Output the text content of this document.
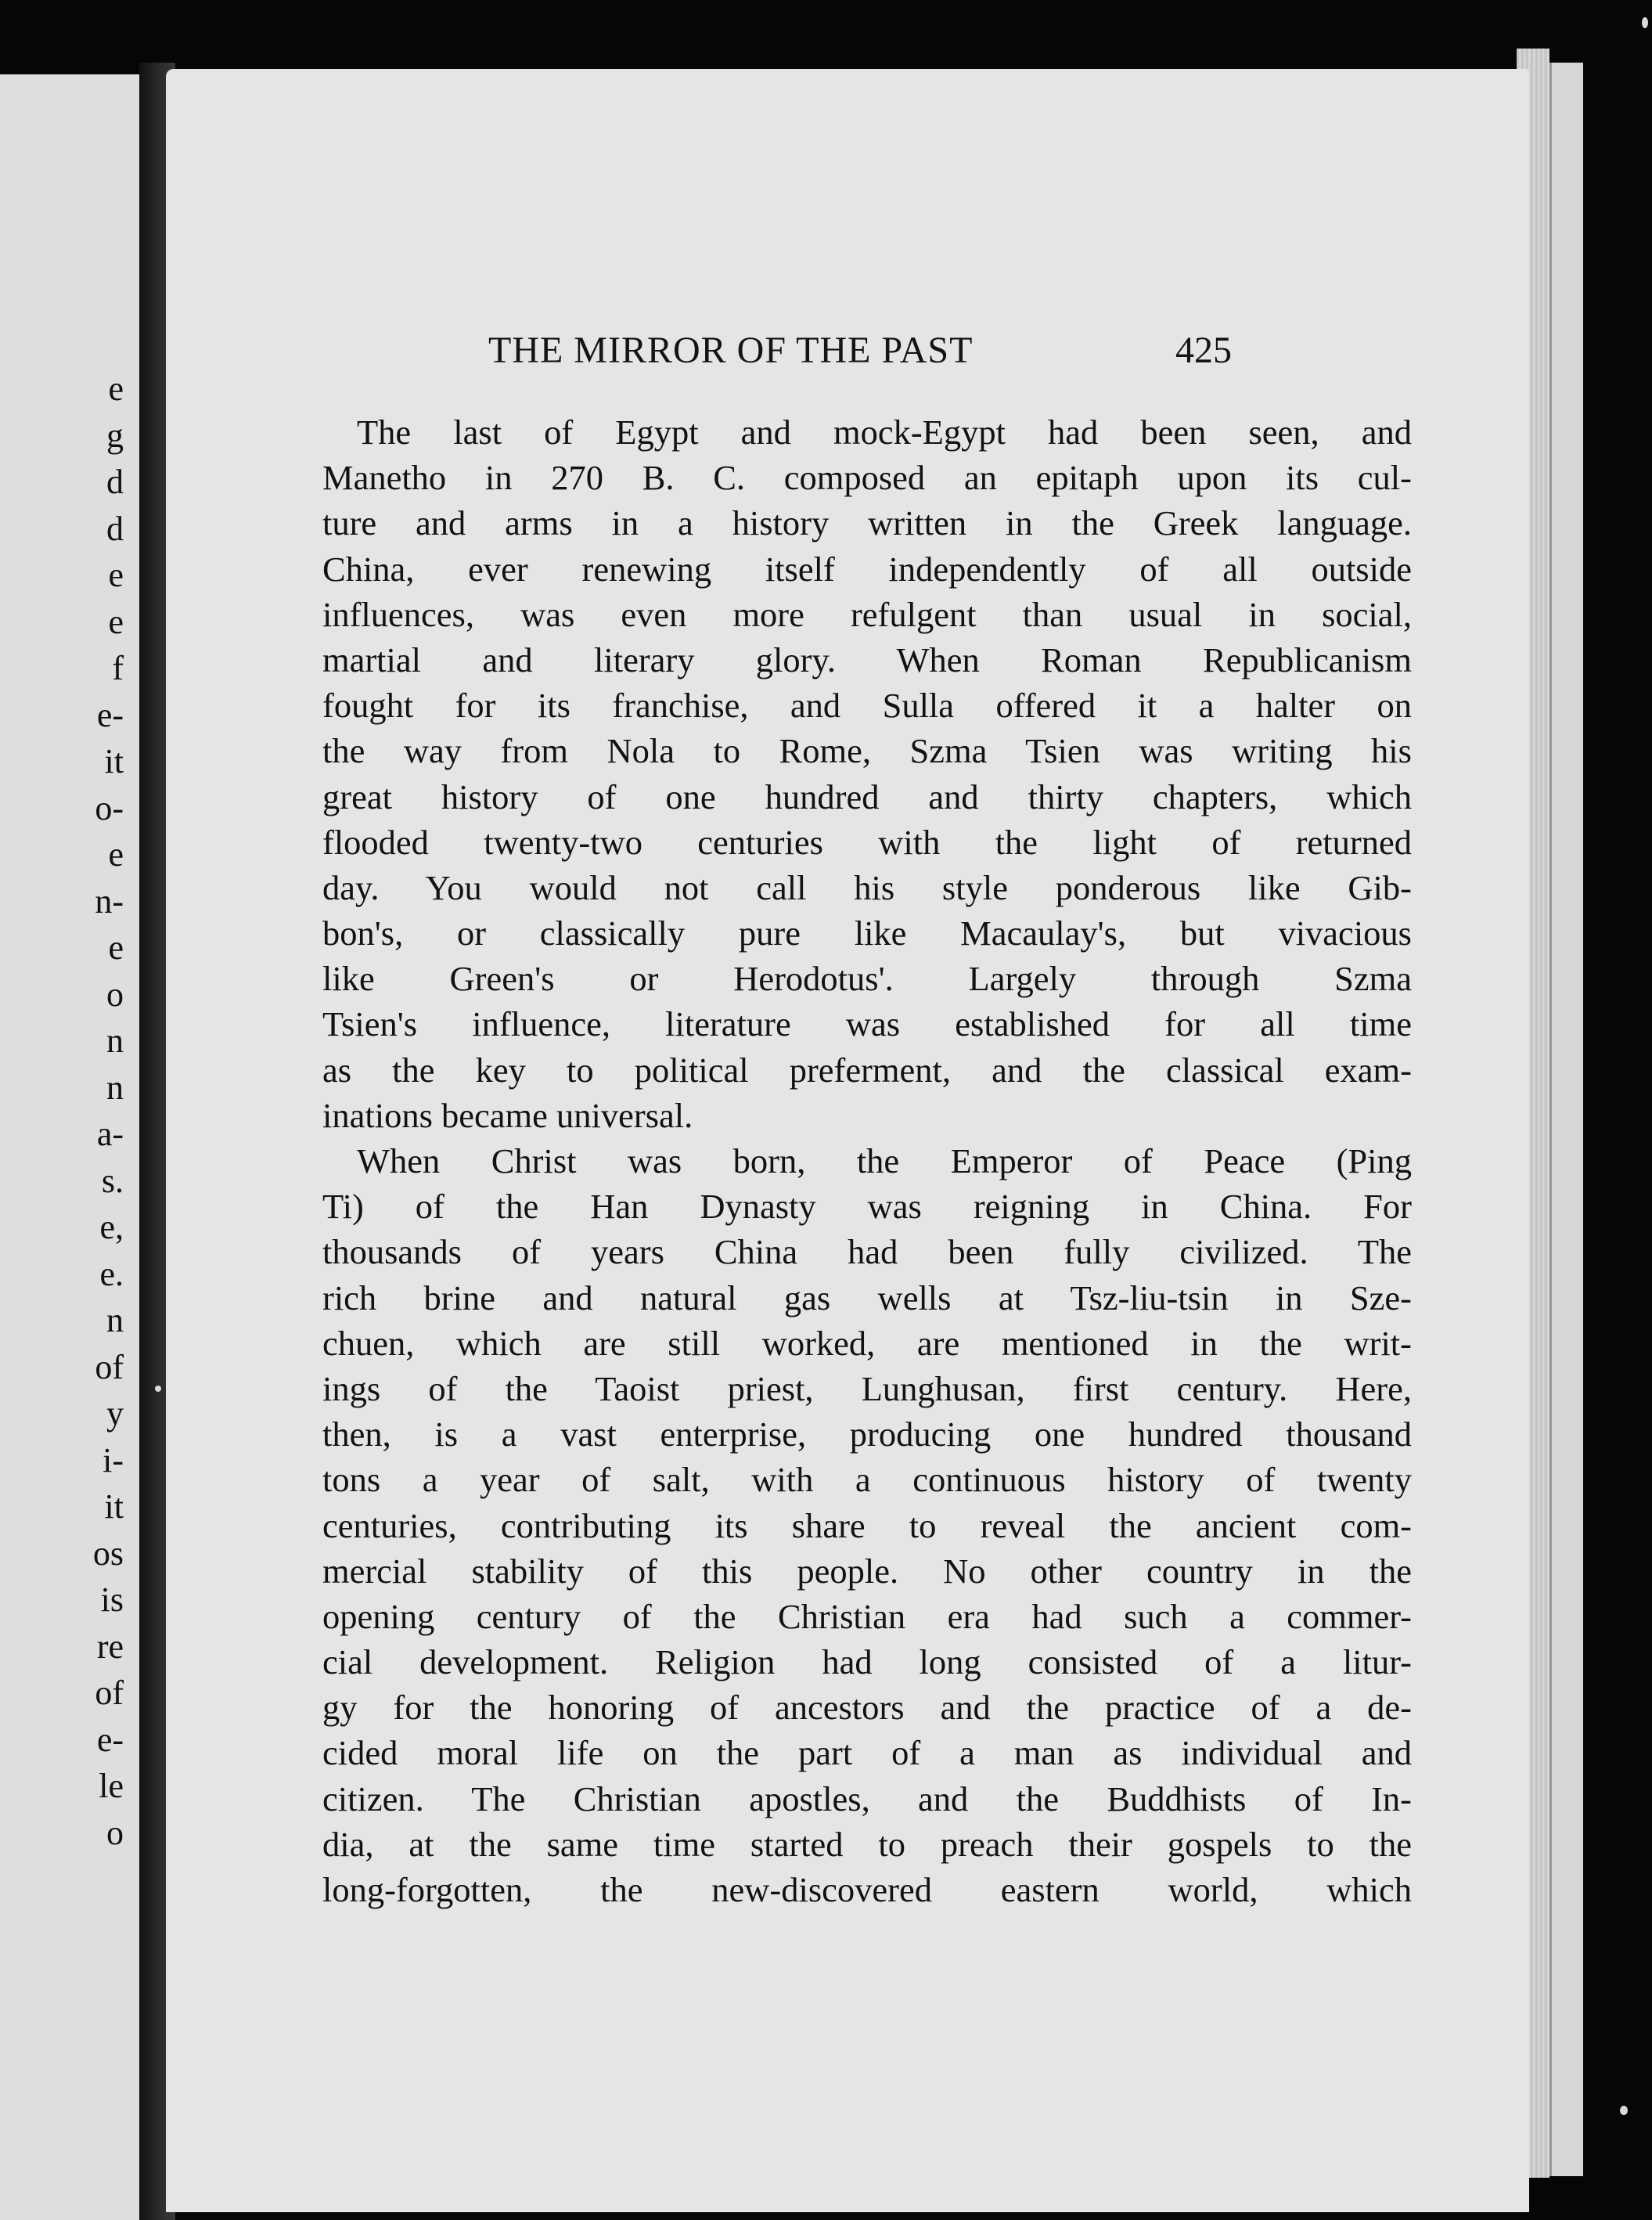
e
g
d
d
e
e
f
e-
it
o-
e
n-
e
o
n
n
a-
s.
e,
e.
n
of
y
i-
it
os
is
re
of
e-
le
o
THE MIRROR OF THE PAST	425
The last of Egypt and mock-Egypt had been seen, and
Manetho in 270 B. C. composed an epitaph upon its cul-
ture and arms in a history written in the Greek language.
China, ever renewing itself independently of all outside
influences, was even more refulgent than usual in social,
martial and literary glory. When Roman Republicanism
fought for its franchise, and Sulla offered it a halter on
the way from Nola to Rome, Szma Tsien was writing his
great history of one hundred and thirty chapters, which
flooded twenty-two centuries with the light of returned
day. You would not call his style ponderous like Gib-
bon's, or classically pure like Macaulay's, but vivacious
like Green's or Herodotus'. Largely through Szma
Tsien's influence, literature was established for all time
as the key to political preferment, and the classical exam-
inations became universal.
When Christ was born, the Emperor of Peace (Ping
Ti) of the Han Dynasty was reigning in China. For
thousands of years China had been fully civilized. The
rich brine and natural gas wells at Tsz-liu-tsin in Sze-
chuen, which are still worked, are mentioned in the writ-
ings of the Taoist priest, Lunghusan, first century. Here,
then, is a vast enterprise, producing one hundred thousand
tons a year of salt, with a continuous history of twenty
centuries, contributing its share to reveal the ancient com-
mercial stability of this people. No other country in the
opening century of the Christian era had such a commer-
cial development. Religion had long consisted of a litur-
gy for the honoring of ancestors and the practice of a de-
cided moral life on the part of a man as individual and
citizen. The Christian apostles, and the Buddhists of In-
dia, at the same time started to preach their gospels to the
long-forgotten, the new-discovered eastern world, which
